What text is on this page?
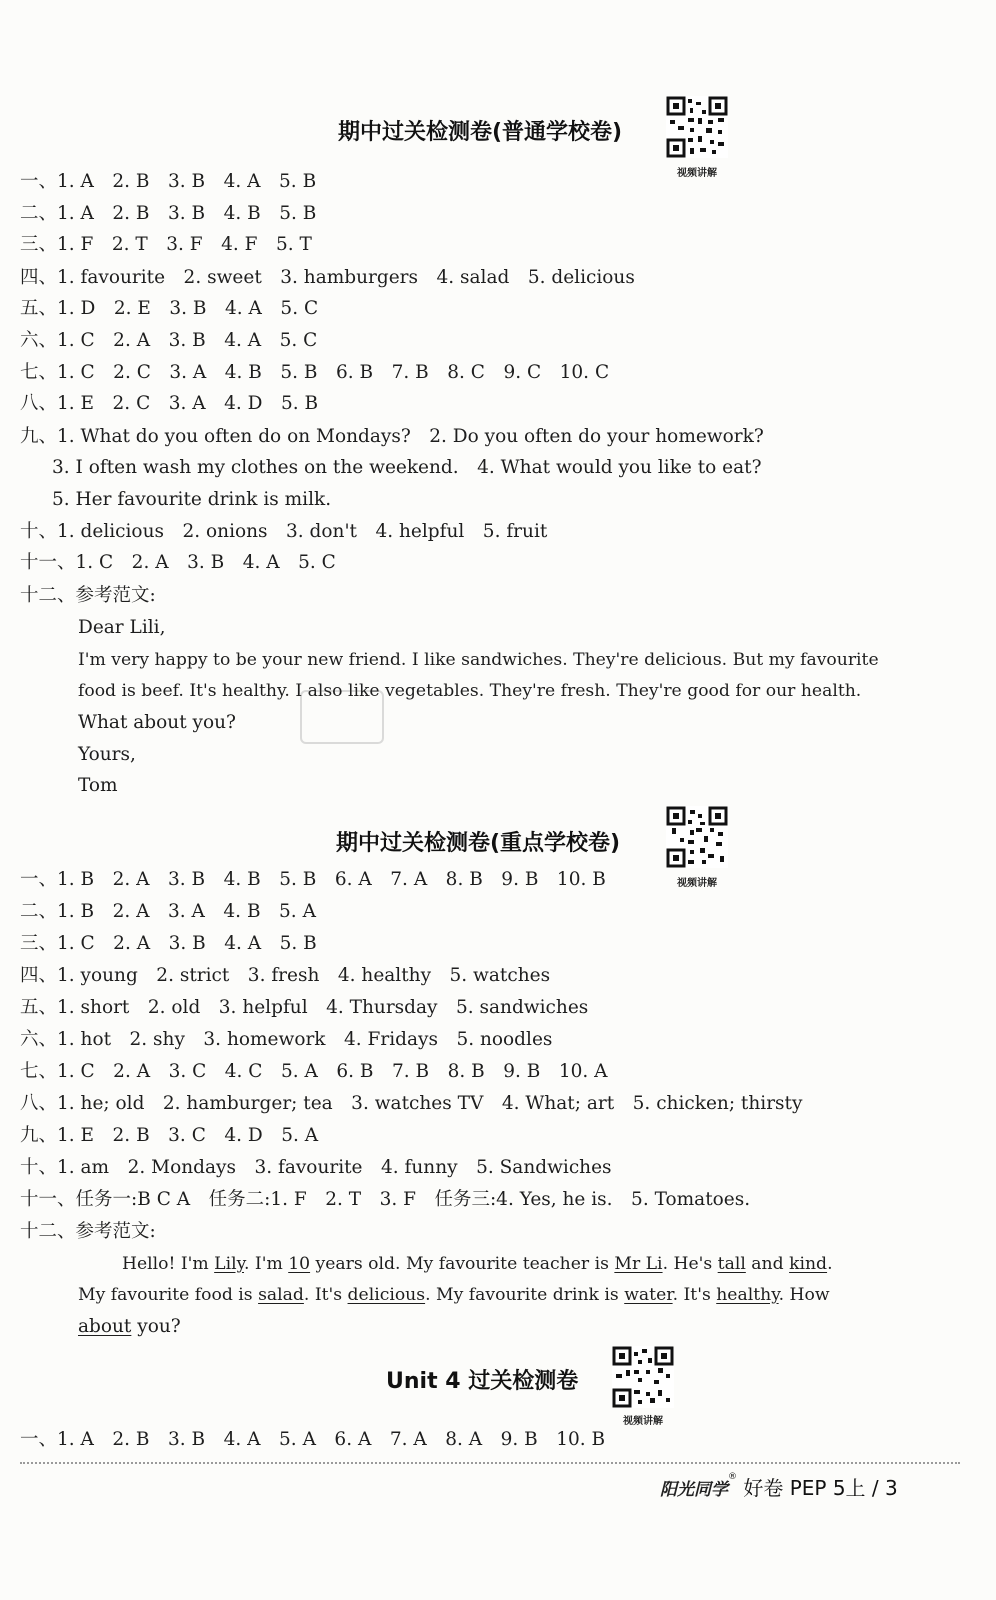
期中过关检测卷(普通学校卷)
视频讲解
一、1. A　2. B　3. B　4. A　5. B
二、1. A　2. B　3. B　4. B　5. B
三、1. F　2. T　3. F　4. F　5. T
四、1. favourite　2. sweet　3. hamburgers　4. salad　5. delicious
五、1. D　2. E　3. B　4. A　5. C
六、1. C　2. A　3. B　4. A　5. C
七、1. C　2. C　3. A　4. B　5. B　6. B　7. B　8. C　9. C　10. C
八、1. E　2. C　3. A　4. D　5. B
九、1. What do you often do on Mondays?　2. Do you often do your homework?
3. I often wash my clothes on the weekend.　4. What would you like to eat?
5. Her favourite drink is milk.
十、1. delicious　2. onions　3. don't　4. helpful　5. fruit
十一、1. C　2. A　3. B　4. A　5. C
十二、参考范文:
Dear Lili,
I'm very happy to be your new friend. I like sandwiches. They're delicious. But my favourite
food is beef. It's healthy. I also like vegetables. They're fresh. They're good for our health.
What about you?
Yours,
Tom
期中过关检测卷(重点学校卷)
视频讲解
一、1. B　2. A　3. B　4. B　5. B　6. A　7. A　8. B　9. B　10. B
二、1. B　2. A　3. A　4. B　5. A
三、1. C　2. A　3. B　4. A　5. B
四、1. young　2. strict　3. fresh　4. healthy　5. watches
五、1. short　2. old　3. helpful　4. Thursday　5. sandwiches
六、1. hot　2. shy　3. homework　4. Fridays　5. noodles
七、1. C　2. A　3. C　4. C　5. A　6. B　7. B　8. B　9. B　10. A
八、1. he; old　2. hamburger; tea　3. watches TV　4. What; art　5. chicken; thirsty
九、1. E　2. B　3. C　4. D　5. A
十、1. am　2. Mondays　3. favourite　4. funny　5. Sandwiches
十一、任务一:B C A　任务二:1. F　2. T　3. F　任务三:4. Yes, he is.　5. Tomatoes.
十二、参考范文:
Hello! I'm Lily. I'm 10 years old. My favourite teacher is Mr Li. He's tall and kind.
My favourite food is salad. It's delicious. My favourite drink is water. It's healthy. How
about you?
Unit 4 过关检测卷
视频讲解
一、1. A　2. B　3. B　4. A　5. A　6. A　7. A　8. A　9. B　10. B
阳光同学® 好卷 PEP 5上 / 3
